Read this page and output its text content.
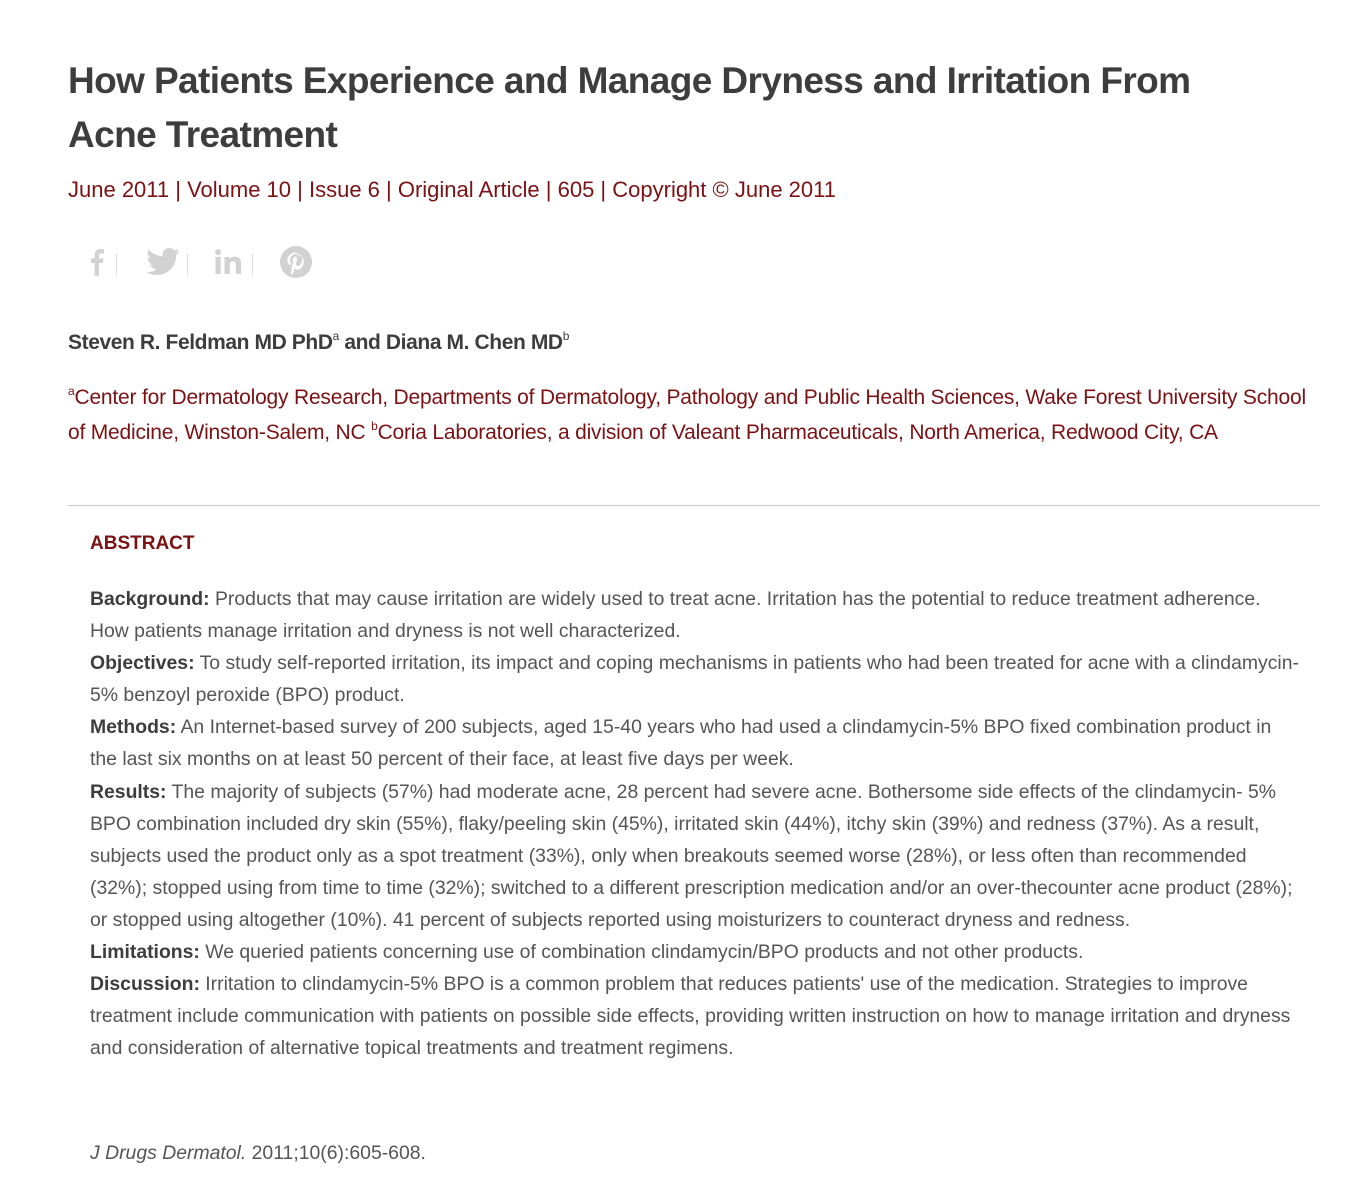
How Patients Experience and Manage Dryness and Irritation From Acne Treatment
June 2011 | Volume 10 | Issue 6 | Original Article | 605 | Copyright © June 2011
Steven R. Feldman MD PhD$^a$ and Diana M. Chen $MD^b$
$^a$Center for Dermatology Research, Departments of Dermatology, Pathology and Public Health Sciences, Wake Forest University School of Medicine, Winston-Salem, NC $^b$Coria Laboratories, a division of Valeant Pharmaceuticals, North America, Redwood City, CA
ABSTRACT

Background: Products that may cause irritation are widely used to treat acne. Irritation has the potential to reduce treatment adherence. How patients manage irritation and dryness is not well characterized.

Objectives: To study self-reported irritation, its impact and coping mechanisms in patients who had been treated for acne with a clindamycin-5% benzoyl peroxide (BPO) product.

Methods: An Internet-based survey of 200 subjects, aged 15-40 years who had used a clindamycin-5% BPO fixed combination product in the last six months on at least 50 percent of their face, at least five days per week.

Results: The majority of subjects (57%) had moderate acne, 28 percent had severe acne. Bothersome side effects of the clindamycin- 5% BPO combination included dry skin (55%), flaky/peeling skin (45%), irritated skin (44%), itchy skin (39%) and redness (37%). As a result, subjects used the product only as a spot treatment (33%), only when breakouts seemed worse (28%), or less often than recommended (32%); stopped using from time to time (32%); switched to a different prescription medication and/or an over-thecounter acne product (28%); or stopped using altogether (10%). 41 percent of subjects reported using moisturizers to counteract dryness and redness.

Limitations: We queried patients concerning use of combination clindamycin/BPO products and not other products.

Discussion: Irritation to clindamycin-5% BPO is a common problem that reduces patients' use of the medication. Strategies to improve treatment include communication with patients on possible side effects, providing written instruction on how to manage irritation and dryness and consideration of alternative topical treatments and treatment regimens.

J Drugs Dermatol. 2011;10(6):605-608.
